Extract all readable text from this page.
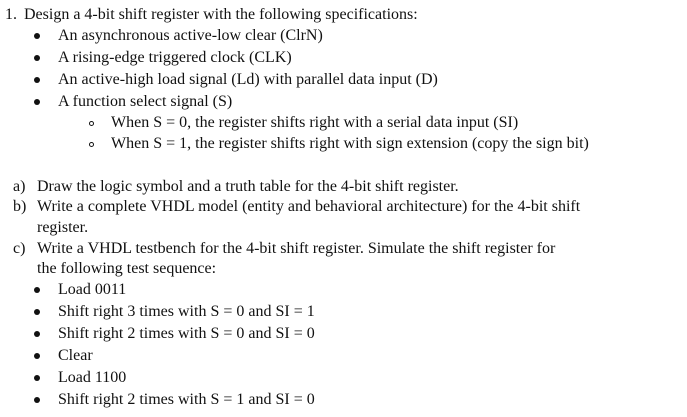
1. Design a 4-bit shift register with the following specifications:
An asynchronous active-low clear (ClrN)
A rising-edge triggered clock (CLK)
An active-high load signal (Ld) with parallel data input (D)
A function select signal (S)
When S = 0, the register shifts right with a serial data input (SI)
When S = 1, the register shifts right with sign extension (copy the sign bit)
a) Draw the logic symbol and a truth table for the 4-bit shift register.
b) Write a complete VHDL model (entity and behavioral architecture) for the 4-bit shift
register.
c) Write a VHDL testbench for the 4-bit shift register. Simulate the shift register for
the following test sequence:
Load 0011
Shift right 3 times with S = 0 and SI = 1
Shift right 2 times with S = 0 and SI = 0
Clear
Load 1100
Shift right 2 times with S = 1 and SI = 0
